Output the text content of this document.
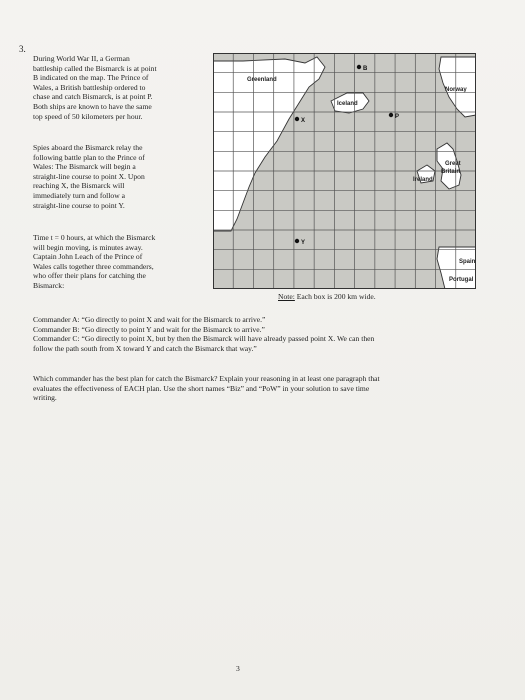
3.
During World War II, a German
battleship called the Bismarck is at point
B indicated on the map. The Prince of
Wales, a British battleship ordered to
chase and catch Bismarck, is at point P.
Both ships are known to have the same
top speed of 50 kilometers per hour.
Spies aboard the Bismarck relay the
following battle plan to the Prince of
Wales: The Bismarck will begin a
straight-line course to point X. Upon
reaching X, the Bismarck will
immediately turn and follow a
straight-line course to point Y.
Time t = 0 hours, at which the Bismarck
will begin moving, is minutes away.
Captain John Leach of the Prince of
Wales calls together three commanders,
who offer their plans for catching the
Bismarck:
Greenland
Iceland
Norway
Great
Britain
Ireland
Spain
Portugal
B
X
P
Y
Note: Each box is 200 km wide.
Commander A: “Go directly to point X and wait for the Bismarck to arrive.”
Commander B: “Go directly to point Y and wait for the Bismarck to arrive.”
Commander C: “Go directly to point X, but by then the Bismarck will have already passed point X. We can then
follow the path south from X toward Y and catch the Bismarck that way.”
Which commander has the best plan for catch the Bismarck? Explain your reasoning in at least one paragraph that
evaluates the effectiveness of EACH plan. Use the short names “Biz” and “PoW” in your solution to save time
writing.
3
